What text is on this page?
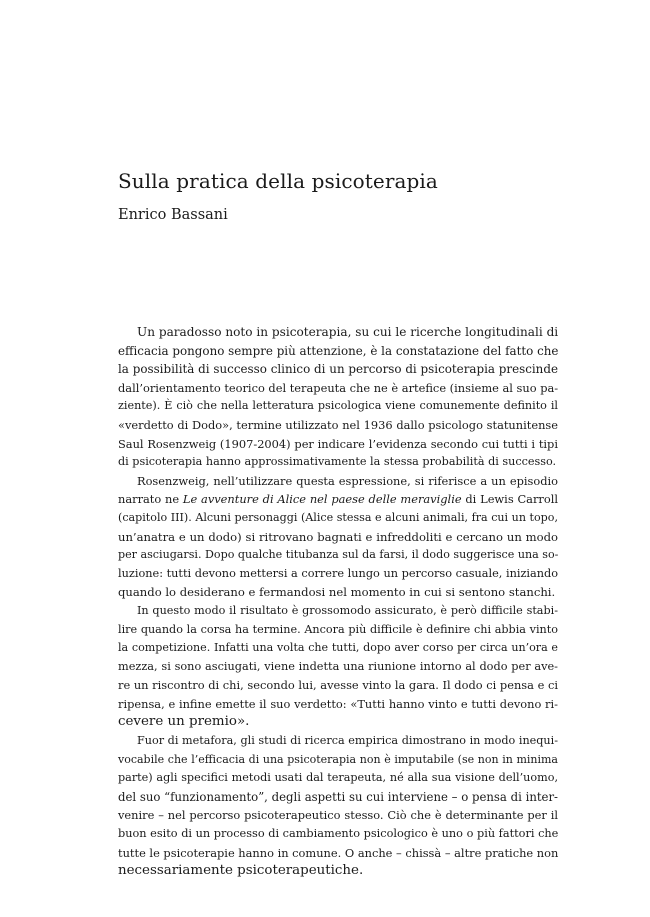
Sulla pratica della psicoterapia

Enrico Bassani

Un paradosso noto in psicoterapia, su cui le ricerche longitudinali di
efficacia pongono sempre più attenzione, è la constatazione del fatto che
la possibilità di successo clinico di un percorso di psicoterapia prescinde
dall’orientamento teorico del terapeuta che ne è artefice (insieme al suo pa-
ziente). È ciò che nella letteratura psicologica viene comunemente definito il
«verdetto di Dodo», termine utilizzato nel 1936 dallo psicologo statunitense
Saul Rosenzweig (1907-2004) per indicare l’evidenza secondo cui tutti i tipi
di psicoterapia hanno approssimativamente la stessa probabilità di successo.
Rosenzweig, nell’utilizzare questa espressione, si riferisce a un episodio
narrato ne Le avventure di Alice nel paese delle meraviglie di Lewis Carroll
(capitolo III). Alcuni personaggi (Alice stessa e alcuni animali, fra cui un topo,
un’anatra e un dodo) si ritrovano bagnati e infreddoliti e cercano un modo
per asciugarsi. Dopo qualche titubanza sul da farsi, il dodo suggerisce una so-
luzione: tutti devono mettersi a correre lungo un percorso casuale, iniziando
quando lo desiderano e fermandosi nel momento in cui si sentono stanchi.
In questo modo il risultato è grossomodo assicurato, è però difficile stabi-
lire quando la corsa ha termine. Ancora più difficile è definire chi abbia vinto
la competizione. Infatti una volta che tutti, dopo aver corso per circa un’ora e
mezza, si sono asciugati, viene indetta una riunione intorno al dodo per ave-
re un riscontro di chi, secondo lui, avesse vinto la gara. Il dodo ci pensa e ci
ripensa, e infine emette il suo verdetto: «Tutti hanno vinto e tutti devono ri-
cevere un premio».
Fuor di metafora, gli studi di ricerca empirica dimostrano in modo inequi-
vocabile che l’efficacia di una psicoterapia non è imputabile (se non in minima
parte) agli specifici metodi usati dal terapeuta, né alla sua visione dell’uomo,
del suo “funzionamento”, degli aspetti su cui interviene – o pensa di inter-
venire – nel percorso psicoterapeutico stesso. Ciò che è determinante per il
buon esito di un processo di cambiamento psicologico è uno o più fattori che
tutte le psicoterapie hanno in comune. O anche – chissà – altre pratiche non
necessariamente psicoterapeutiche.
